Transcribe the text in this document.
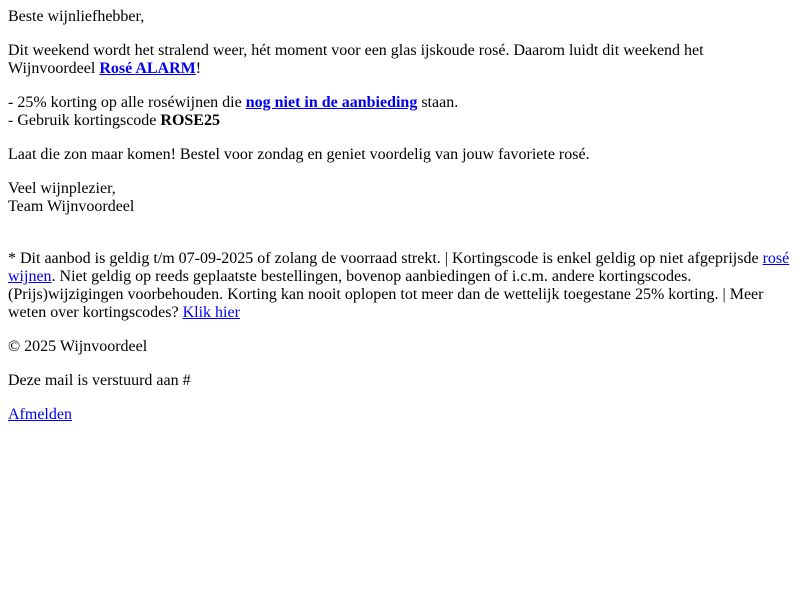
Beste wijnliefhebber,

Dit weekend wordt het stralend weer, hét moment voor een glas ijskoude rosé. Daarom luidt dit weekend het Wijnvoordeel Rosé ALARM!

- 25% korting op alle roséwijnen die nog niet in de aanbieding staan.
- Gebruik kortingscode ROSE25

Laat die zon maar komen! Bestel voor zondag en geniet voordelig van jouw favoriete rosé.

Veel wijnplezier,
Team Wijnvoordeel

* Dit aanbod is geldig t/m 07-09-2025 of zolang de voorraad strekt. | Kortingscode is enkel geldig op niet afgeprijsde rosé wijnen. Niet geldig op reeds geplaatste bestellingen, bovenop aanbiedingen of i.c.m. andere kortingscodes. (Prijs)wijzigingen voorbehouden. Korting kan nooit oplopen tot meer dan de wettelijk toegestane 25% korting. | Meer weten over kortingscodes? Klik hier

© 2025 Wijnvoordeel

Deze mail is verstuurd aan #

Afmelden
